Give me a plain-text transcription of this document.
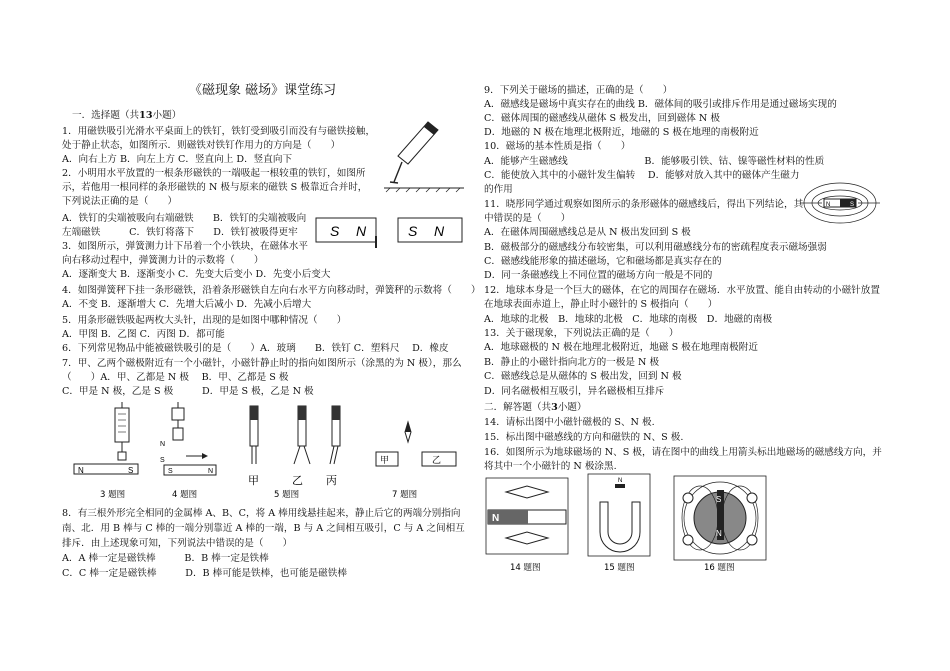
《磁现象 磁场》课堂练习
一．选择题（共13小题）
1．用磁铁吸引光滑水平桌面上的铁钉，铁钉受到吸引而没有与磁铁接触，
处于静止状态，如图所示．则磁铁对铁钉作用力的方向是（　　）
A．向右上方 B．向左上方 C．竖直向上 D．竖直向下
2．小明用水平放置的一根条形磁铁的一端吸起一根较重的铁钉，如图所
示，若他用一根同样的条形磁铁的 N 极与原来的磁铁 S 极靠近合并时，
下列说法正确的是（　　）
A．铁钉的尖端被吸向右端磁铁　　B．铁钉的尖端被吸向
左端磁铁　　　C．铁钉将落下　　D．铁钉被吸得更牢
3．如图所示，弹簧测力计下吊着一个小铁块，在磁体水平
向右移动过程中，弹簧测力计的示数将（　　）
A．逐渐变大 B．逐渐变小 C．先变大后变小 D．先变小后变大
4．如图弹簧秤下挂一条形磁铁，沿着条形磁铁自左向右水平方向移动时，弹簧秤的示数将（　　）
A．不变 B．逐渐增大 C．先增大后减小 D．先减小后增大
5．用条形磁铁吸起两枚大头针，出现的是如图中哪种情况（　　）
A．甲图 B．乙图 C．丙图 D．都可能
6．下列常见物品中能被磁铁吸引的是（　　）A．玻璃　　B．铁钉 C．塑料尺　 D．橡皮
7．甲、乙两个磁极附近有一个小磁针，小磁针静止时的指向如图所示（涂黑的为 N 极），那么
（　　）A．甲、乙都是 N 极　 B．甲、乙都是 S 极
C．甲是 N 极，乙是 S 极　　　D．甲是 S 极，乙是 N 极
8．有三根外形完全相同的金属棒 A、B、C，将 A 棒用线悬挂起来，静止后它的两端分别指向
南、北．用 B 棒与 C 棒的一端分别靠近 A 棒的一端，B 与 A 之间相互吸引，C 与 A 之间相互
排斥．由上述现象可知，下列说法中错误的是（　　）
A．A 棒一定是磁铁棒　　　B．B 棒一定是铁棒
C．C 棒一定是磁铁棒　　　D．B 棒可能是铁棒，也可能是磁铁棒
S N	S N
N	S
N
S
S	N
甲	乙 丙
甲	乙
3 题图	4 题图	5 题图	7 题图
9．下列关于磁场的描述，正确的是（　　）
A．磁感线是磁场中真实存在的曲线 B．磁体间的吸引或排斥作用是通过磁场实现的
C．磁体周围的磁感线从磁体 S 极发出，回到磁体 N 极
D．地磁的 N 极在地理北极附近，地磁的 S 极在地理的南极附近
10．磁场的基本性质是指（　　）
A．能够产生磁感线　　　　　　　　B．能够吸引铁、钴、镍等磁性材料的性质
C．能使放入其中的小磁针发生偏转　 D．能够对放入其中的磁体产生磁力
的作用
11．晓彤同学通过观察如图所示的条形磁体的磁感线后，得出下列结论，其
中错误的是（　　）
A．在磁体周围磁感线总是从 N 极出发回到 S 极
B．磁极部分的磁感线分布较密集，可以利用磁感线分布的密疏程度表示磁场强弱
C．磁感线能形象的描述磁场，它和磁场都是真实存在的
D．同一条磁感线上不同位置的磁场方向一般是不同的
12．地球本身是一个巨大的磁体，在它的周围存在磁场．水平放置、能自由转动的小磁针放置
在地球表面赤道上，静止时小磁针的 S 极指向（　　）
A．地球的北极　B．地球的北极　C．地球的南极　D．地磁的南极
13．关于磁现象，下列说法正确的是（　　）
A．地球磁极的 N 极在地理北极附近，地磁 S 极在地理南极附近
B．静止的小磁针指向北方的一极是 N 极
C．磁感线总是从磁体的 S 极出发，回到 N 极
D．同名磁极相互吸引，异名磁极相互排斥
二．解答题（共3小题）
14．请标出图中小磁针磁极的 S、N 极.
15．标出图中磁感线的方向和磁铁的 N、S 极.
16．如图所示为地球磁场的 N、S 极，请在图中的曲线上用箭头标出地磁场的磁感线方向，并
将其中一个小磁针的 N 极涂黑.
N	S
N
N
S
N
14 题图	15 题图	16 题图
